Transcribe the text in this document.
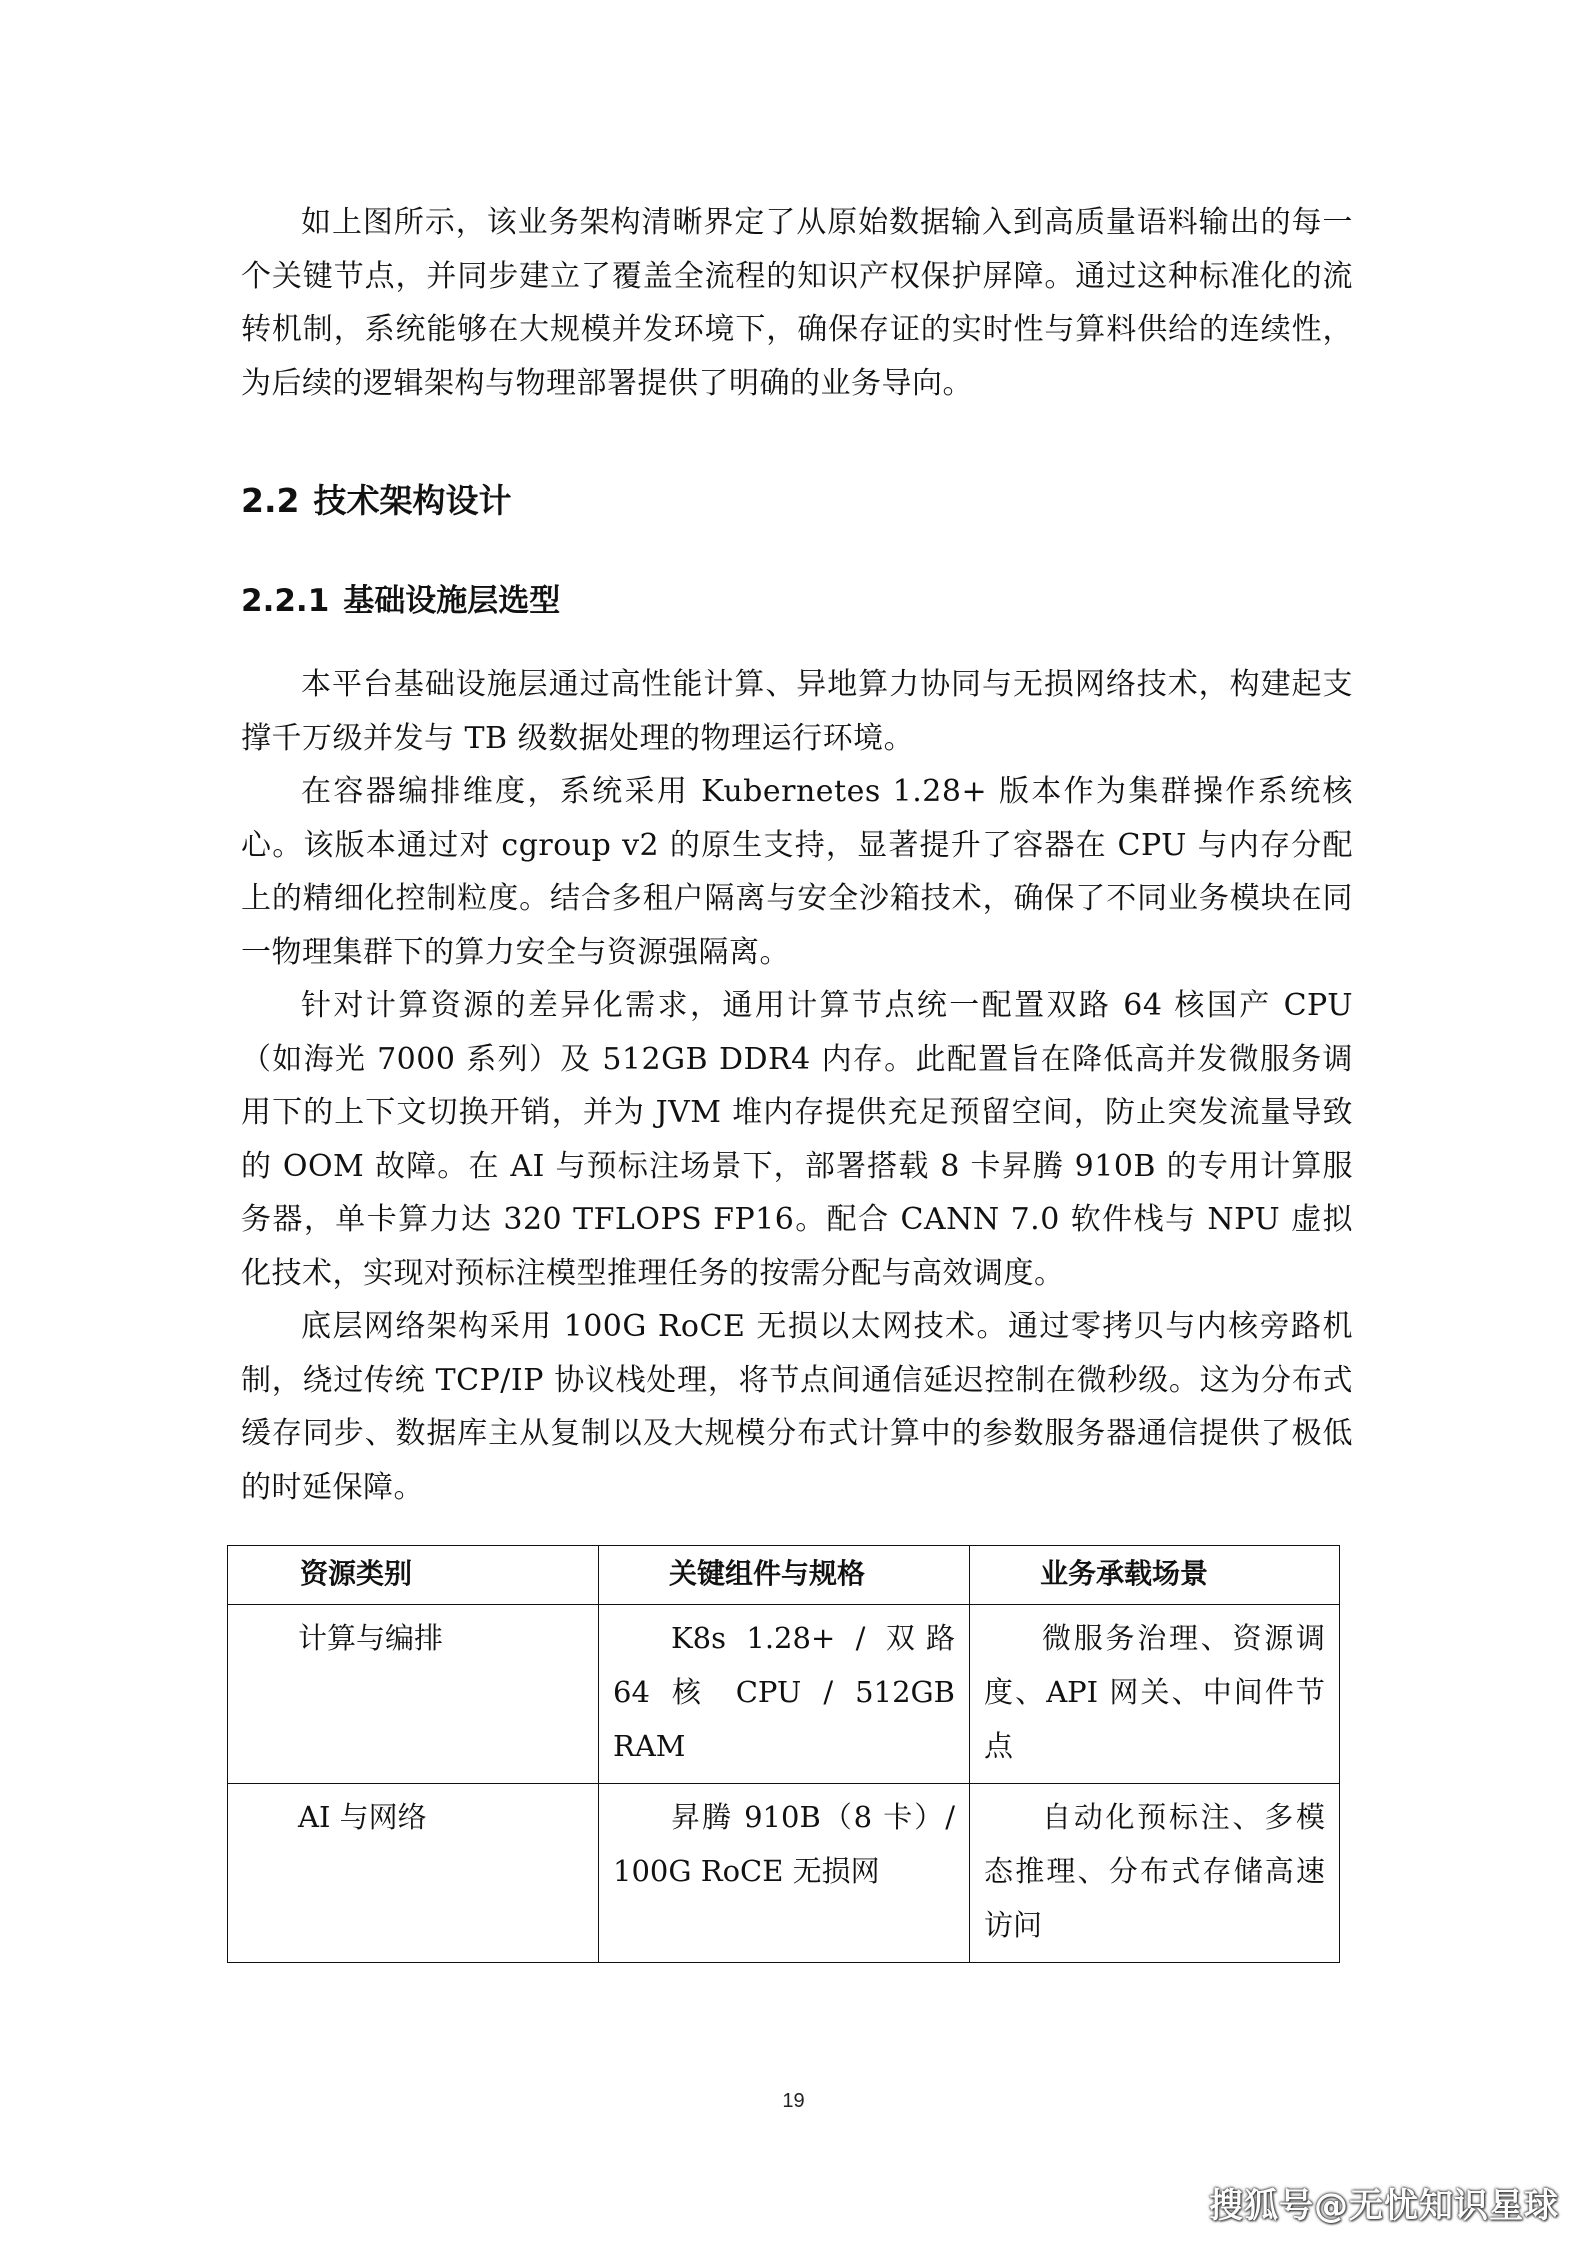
如上图所示，该业务架构清晰界定了从原始数据输入到高质量语料输出的每一个关键节点，并同步建立了覆盖全流程的知识产权保护屏障。通过这种标准化的流转机制，系统能够在大规模并发环境下，确保存证的实时性与算料供给的连续性，为后续的逻辑架构与物理部署提供了明确的业务导向。

2.2 技术架构设计
2.2.1 基础设施层选型

本平台基础设施层通过高性能计算、异地算力协同与无损网络技术，构建起支撑千万级并发与 TB 级数据处理的物理运行环境。

在容器编排维度，系统采用 Kubernetes 1.28+ 版本作为集群操作系统核心。该版本通过对 cgroup v2 的原生支持，显著提升了容器在 CPU 与内存分配上的精细化控制粒度。结合多租户隔离与安全沙箱技术，确保了不同业务模块在同一物理集群下的算力安全与资源强隔离。

针对计算资源的差异化需求，通用计算节点统一配置双路 64 核国产 CPU（如海光 7000 系列）及 512GB DDR4 内存。此配置旨在降低高并发微服务调用下的上下文切换开销，并为 JVM 堆内存提供充足预留空间，防止突发流量导致的 OOM 故障。在 AI 与预标注场景下，部署搭载 8 卡昇腾 910B 的专用计算服务器，单卡算力达 320 TFLOPS FP16。配合 CANN 7.0 软件栈与 NPU 虚拟化技术，实现对预标注模型推理任务的按需分配与高效调度。

底层网络架构采用 100G RoCE 无损以太网技术。通过零拷贝与内核旁路机制，绕过传统 TCP/IP 协议栈处理，将节点间通信延迟控制在微秒级。这为分布式缓存同步、数据库主从复制以及大规模分布式计算中的参数服务器通信提供了极低的时延保障。

资源类别	关键组件与规格	业务承载场景
计算与编排	K8s 1.28+ / 双路 64 核 CPU / 512GB RAM	微服务治理、资源调度、API 网关、中间件节点
AI 与网络	昇腾 910B（8 卡）/ 100G RoCE 无损网	自动化预标注、多模态推理、分布式存储高速访问
19
搜狐号@无忧知识星球
